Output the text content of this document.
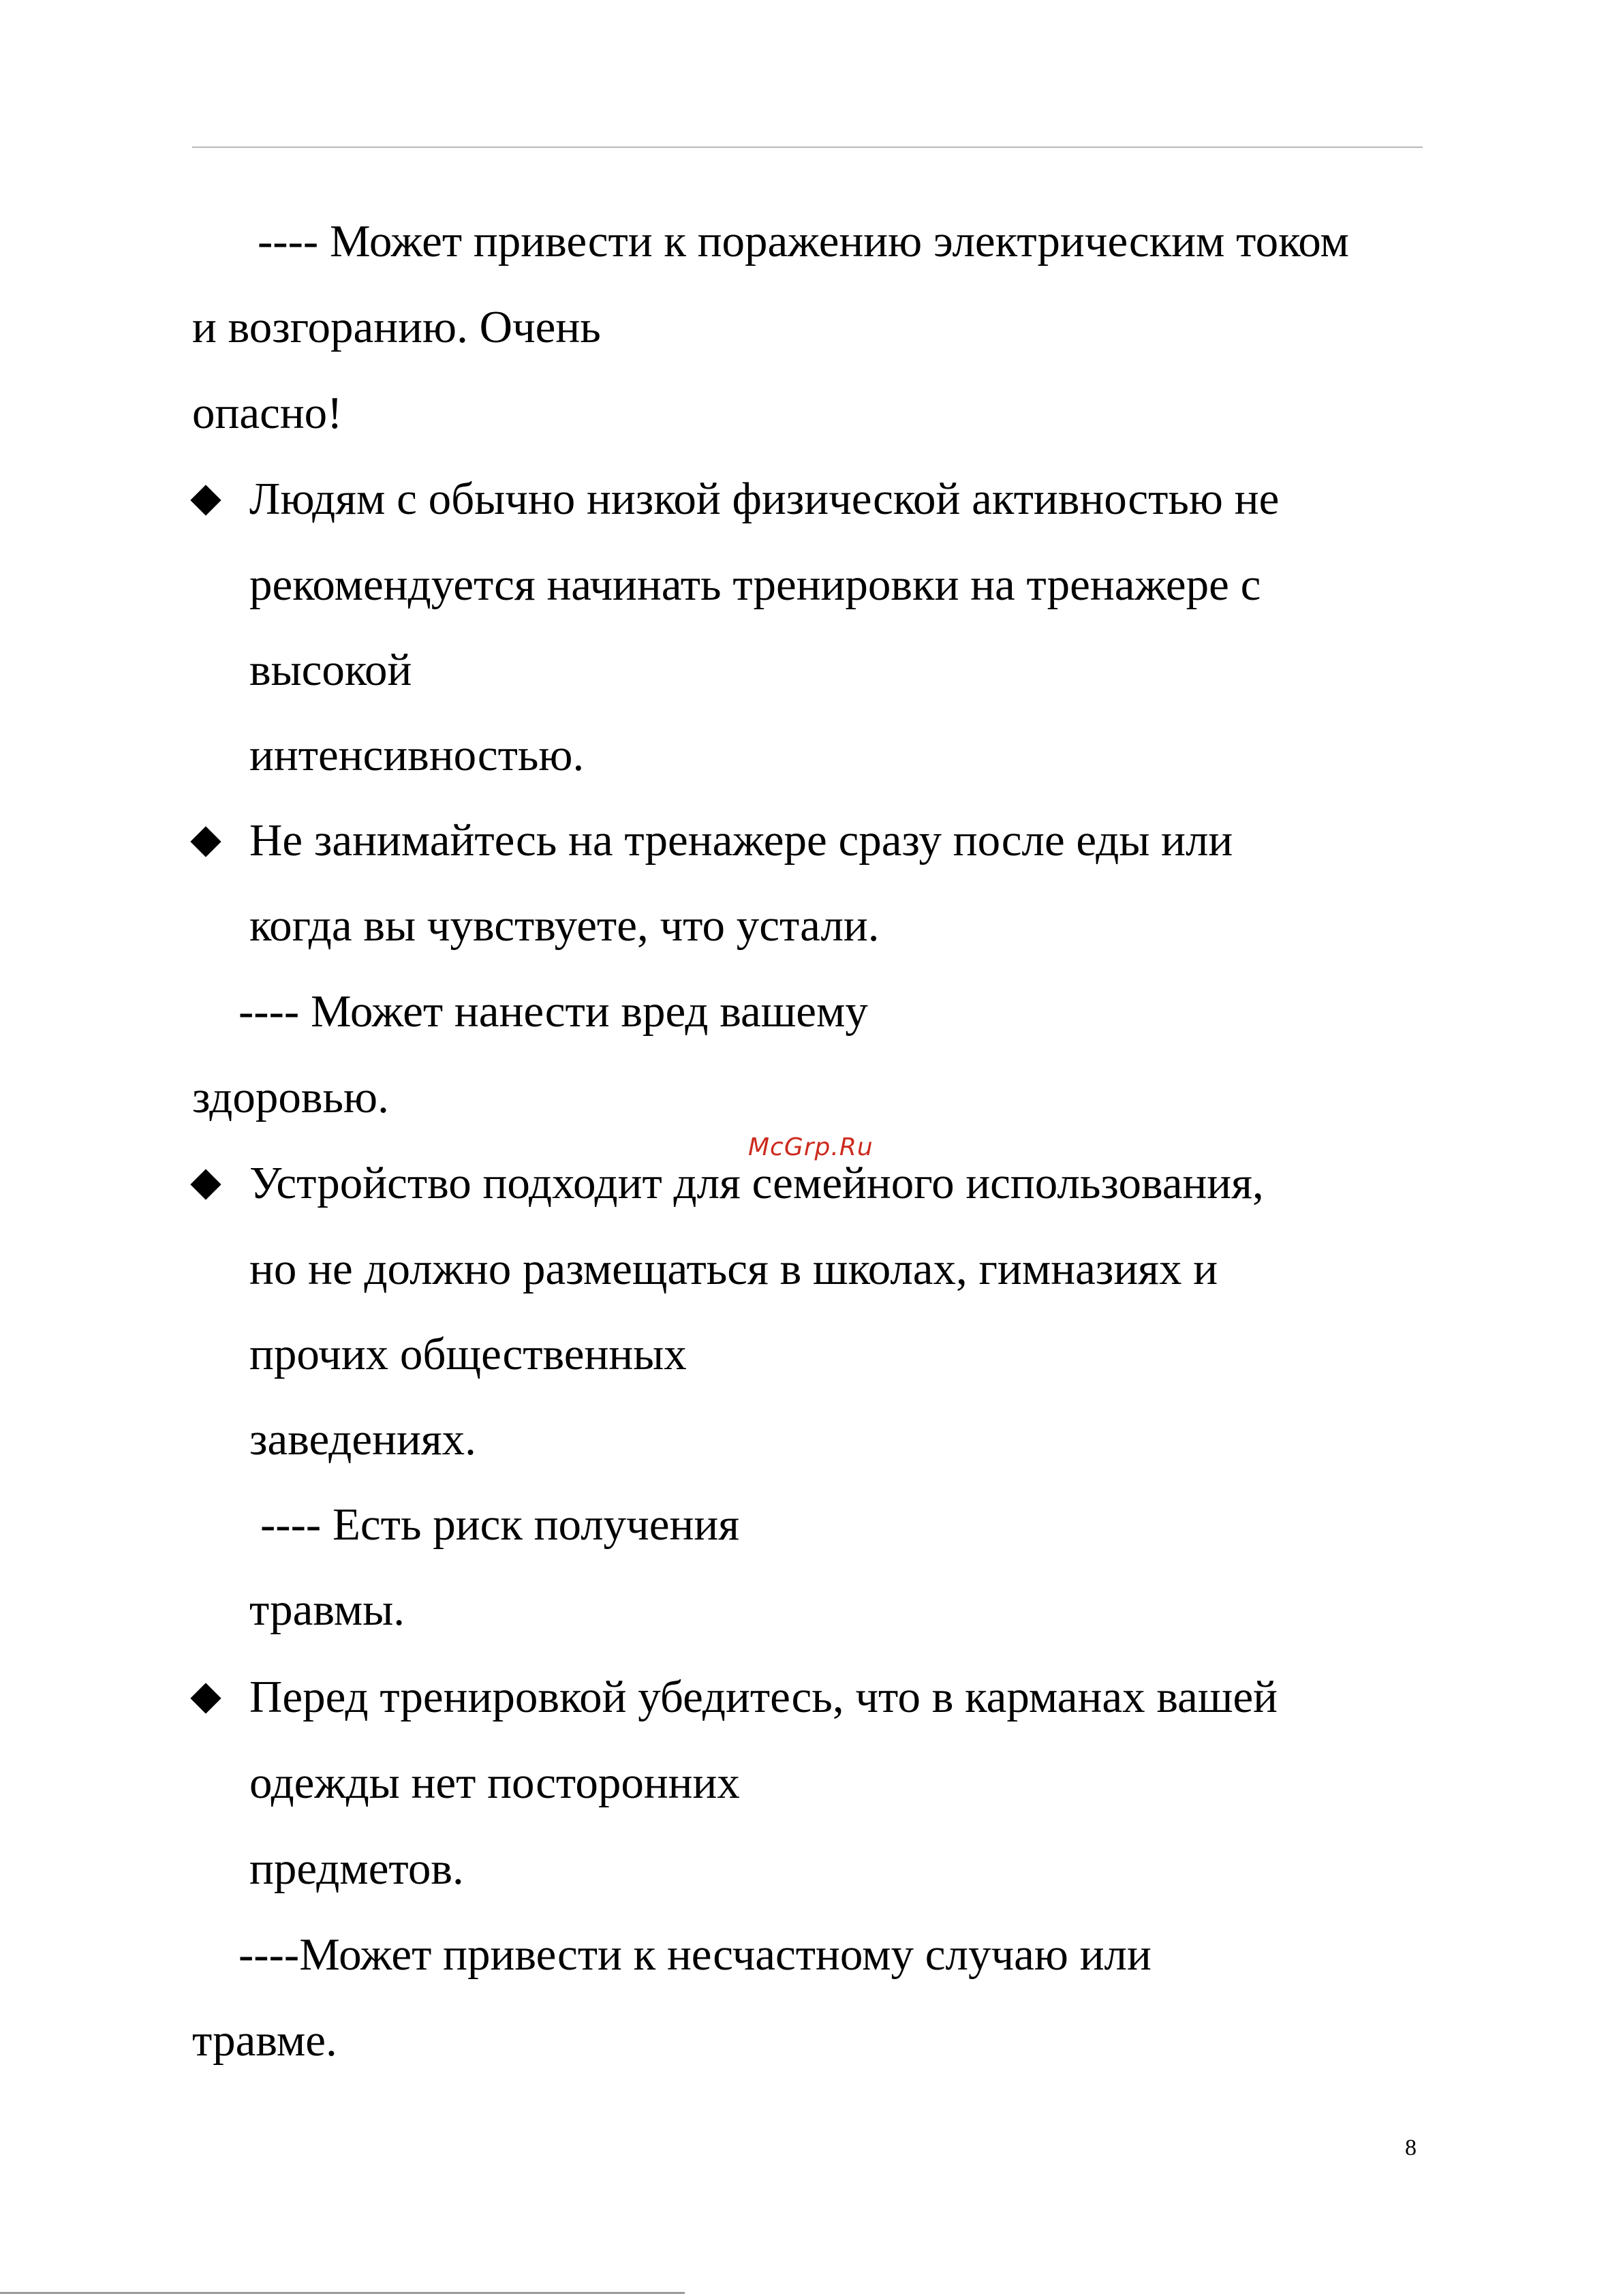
---- Может привести к поражению электрическим током
и возгоранию. Очень
опасно!
Людям с обычно низкой физической активностью не
рекомендуется начинать тренировки на тренажере с
высокой
интенсивностью.
Не занимайтесь на тренажере сразу после еды или
когда вы чувствуете, что устали.
---- Может нанести вред вашему
здоровью.
Устройство подходит для семейного использования,
но не должно размещаться в школах, гимназиях и
прочих общественных
заведениях.
---- Есть риск получения
травмы.
Перед тренировкой убедитесь, что в карманах вашей
одежды нет посторонних
предметов.
----Может привести к несчастному случаю или
травме.
McGrp.Ru
8
